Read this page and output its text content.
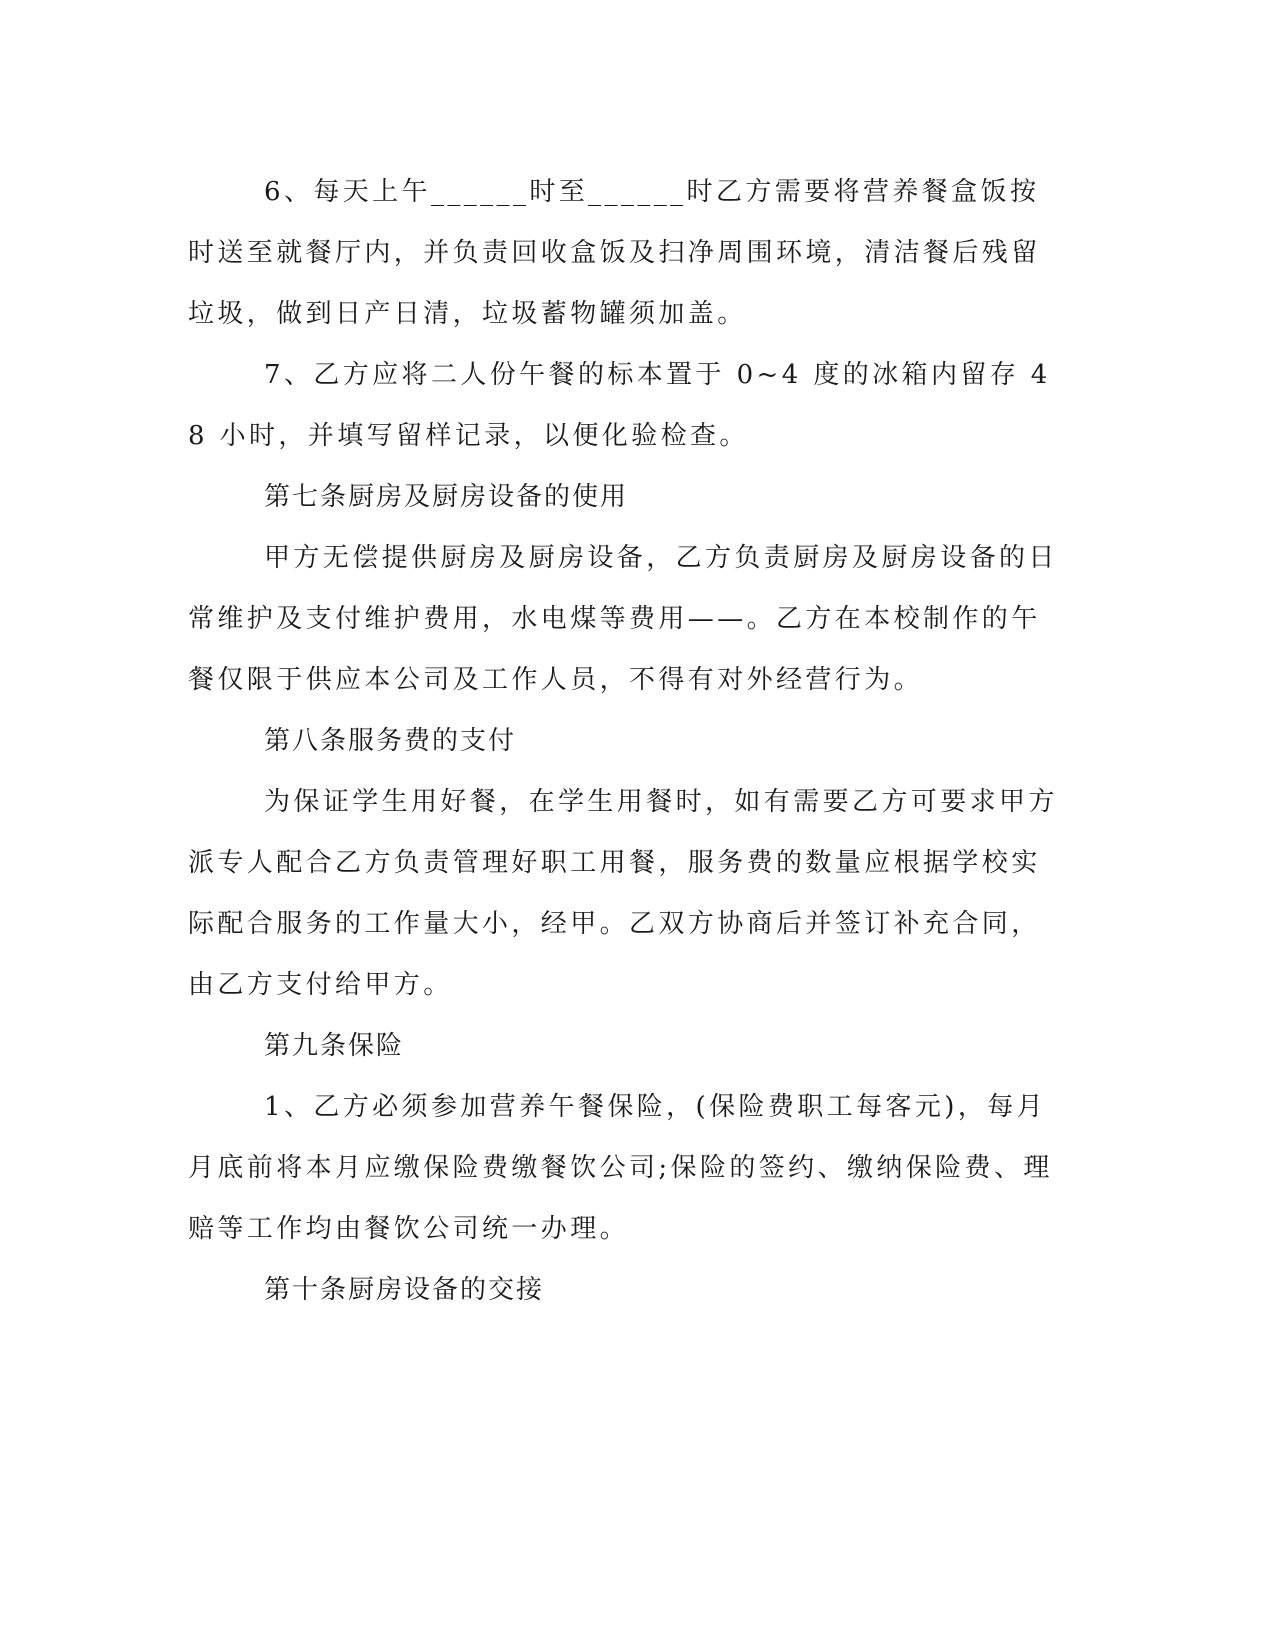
6、每天上午______时至______时乙方需要将营养餐盒饭按时送至就餐厅内，并负责回收盒饭及扫净周围环境，清洁餐后残留垃圾，做到日产日清，垃圾蓄物罐须加盖。

7、乙方应将二人份午餐的标本置于 0~4 度的冰箱内留存 48 小时，并填写留样记录，以便化验检查。

第七条厨房及厨房设备的使用

甲方无偿提供厨房及厨房设备，乙方负责厨房及厨房设备的日常维护及支付维护费用，水电煤等费用——。乙方在本校制作的午餐仅限于供应本公司及工作人员，不得有对外经营行为。

第八条服务费的支付

为保证学生用好餐，在学生用餐时，如有需要乙方可要求甲方派专人配合乙方负责管理好职工用餐，服务费的数量应根据学校实际配合服务的工作量大小，经甲。乙双方协商后并签订补充合同，由乙方支付给甲方。

第九条保险

1、乙方必须参加营养午餐保险，(保险费职工每客元)，每月月底前将本月应缴保险费缴餐饮公司;保险的签约、缴纳保险费、理赔等工作均由餐饮公司统一办理。

第十条厨房设备的交接
